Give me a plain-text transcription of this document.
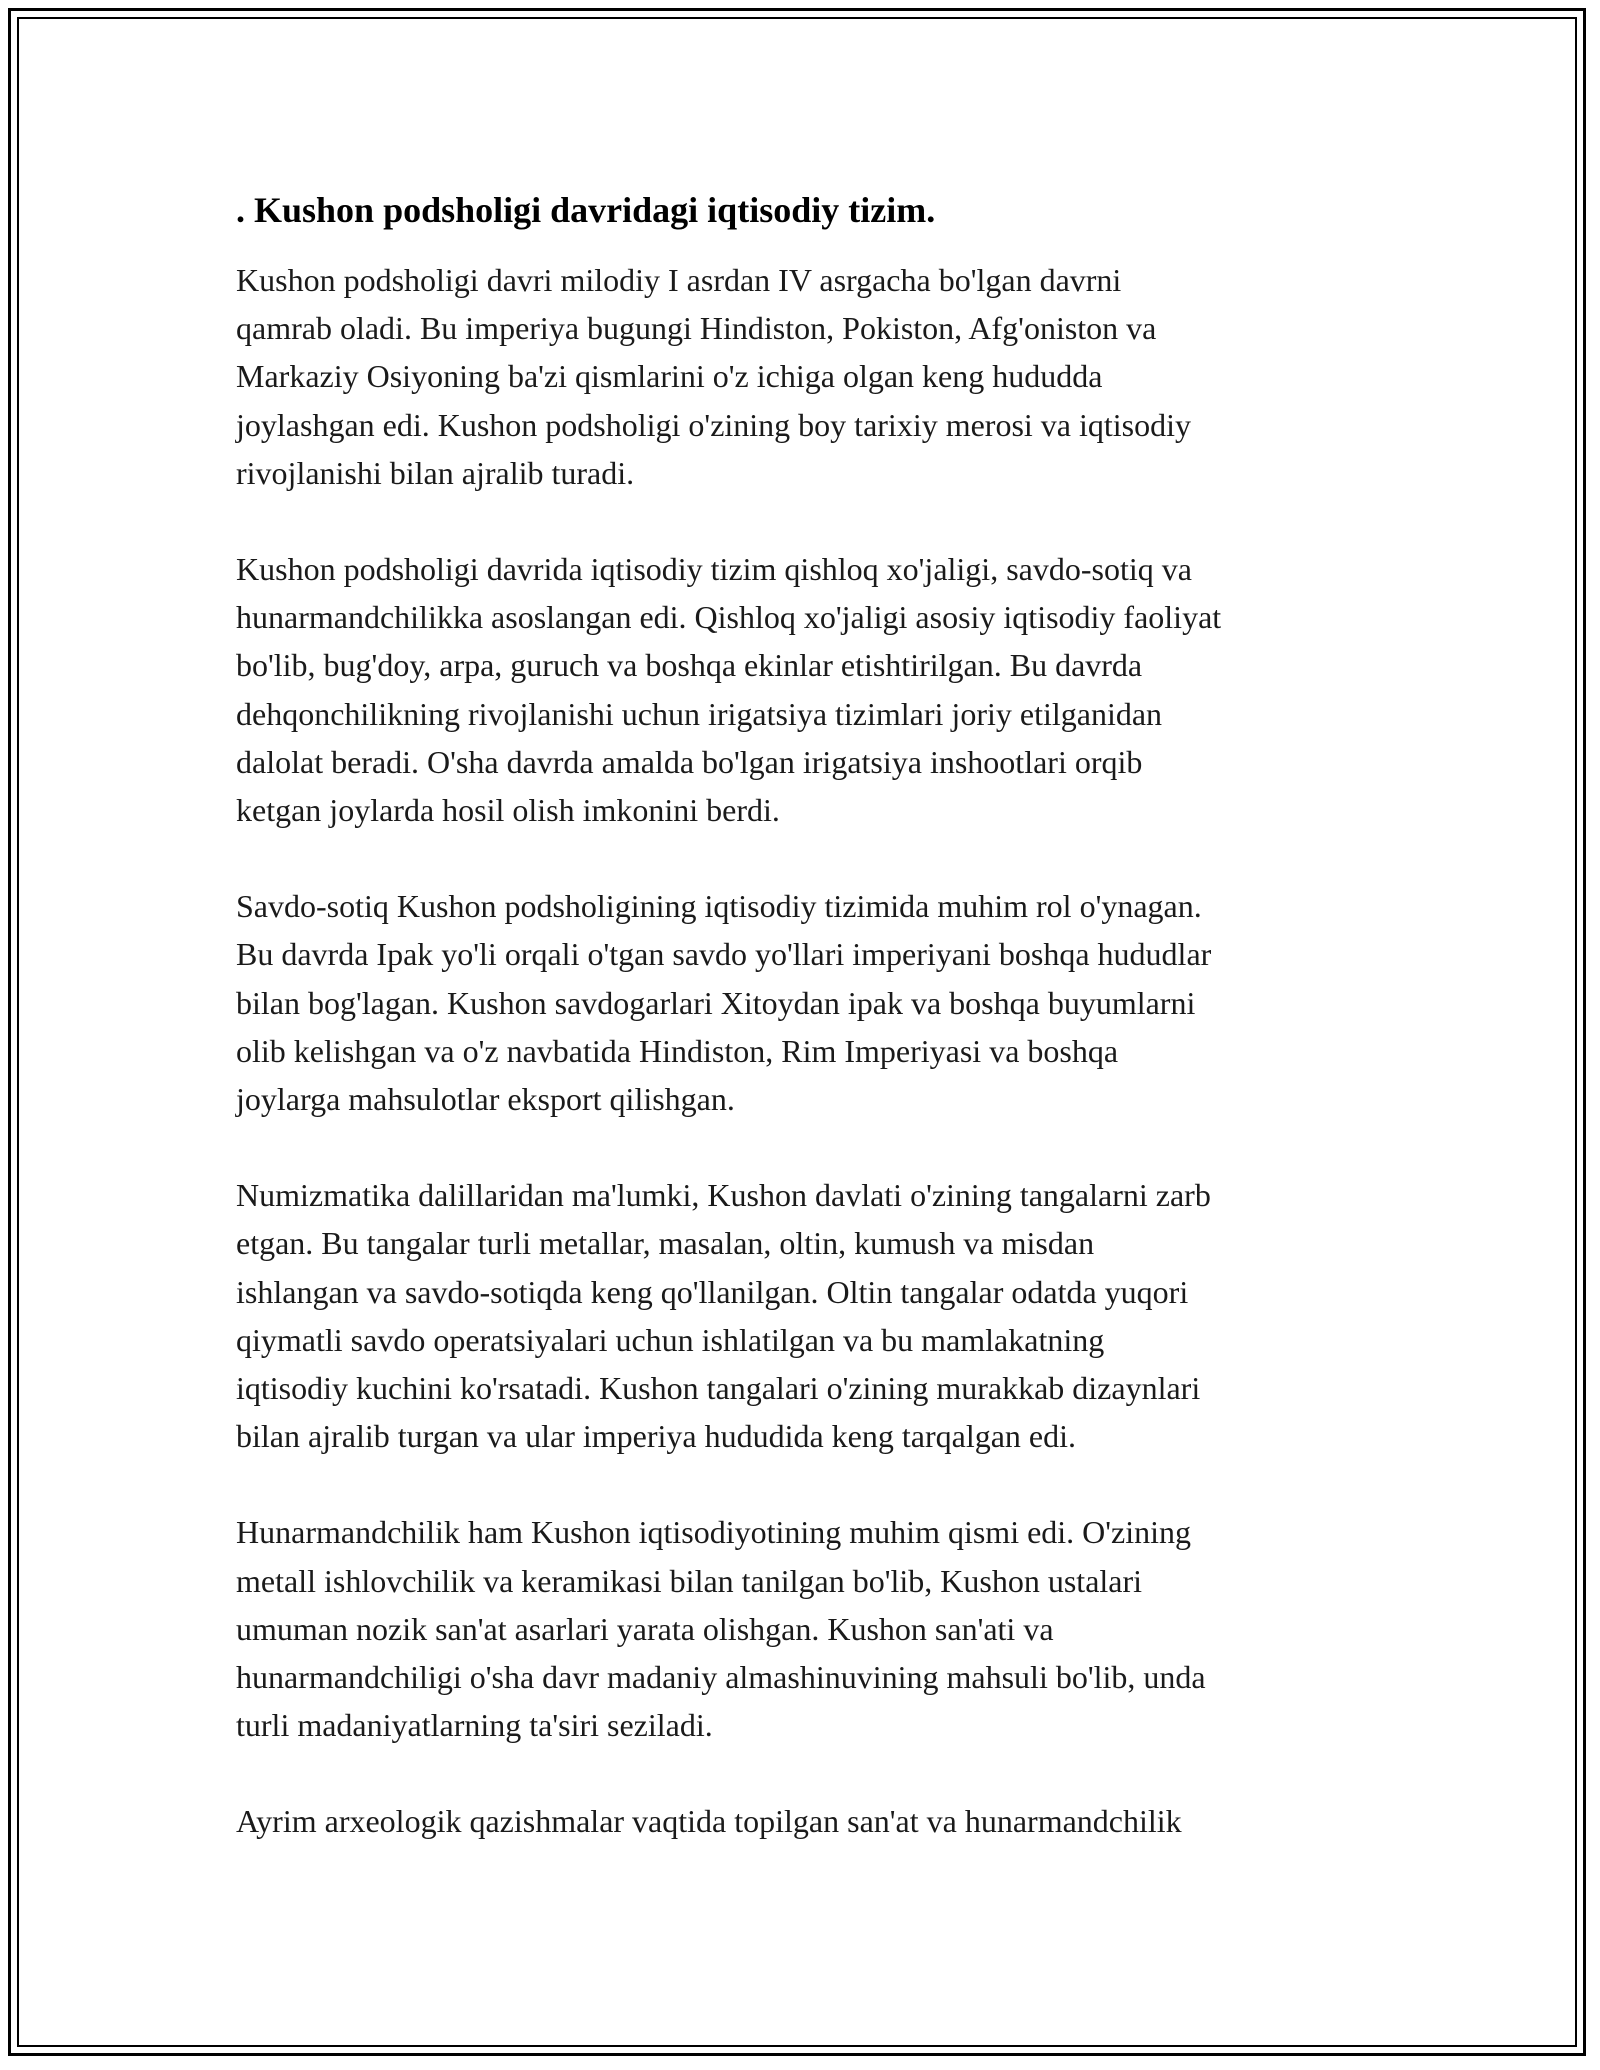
. Kushon podsholigi davridagi iqtisodiy tizim.
Kushon podsholigi davri milodiy I asrdan IV asrgacha bo'lgan davrni
qamrab oladi. Bu imperiya bugungi Hindiston, Pokiston, Afg'oniston va
Markaziy Osiyoning ba'zi qismlarini o'z ichiga olgan keng hududda
joylashgan edi. Kushon podsholigi o'zining boy tarixiy merosi va iqtisodiy
rivojlanishi bilan ajralib turadi.
Kushon podsholigi davrida iqtisodiy tizim qishloq xo'jaligi, savdo-sotiq va
hunarmandchilikka asoslangan edi. Qishloq xo'jaligi asosiy iqtisodiy faoliyat
bo'lib, bug'doy, arpa, guruch va boshqa ekinlar etishtirilgan. Bu davrda
dehqonchilikning rivojlanishi uchun irigatsiya tizimlari joriy etilganidan
dalolat beradi. O'sha davrda amalda bo'lgan irigatsiya inshootlari orqib
ketgan joylarda hosil olish imkonini berdi.
Savdo-sotiq Kushon podsholigining iqtisodiy tizimida muhim rol o'ynagan.
Bu davrda Ipak yo'li orqali o'tgan savdo yo'llari imperiyani boshqa hududlar
bilan bog'lagan. Kushon savdogarlari Xitoydan ipak va boshqa buyumlarni
olib kelishgan va o'z navbatida Hindiston, Rim Imperiyasi va boshqa
joylarga mahsulotlar eksport qilishgan.
Numizmatika dalillaridan ma'lumki, Kushon davlati o'zining tangalarni zarb
etgan. Bu tangalar turli metallar, masalan, oltin, kumush va misdan
ishlangan va savdo-sotiqda keng qo'llanilgan. Oltin tangalar odatda yuqori
qiymatli savdo operatsiyalari uchun ishlatilgan va bu mamlakatning
iqtisodiy kuchini ko'rsatadi. Kushon tangalari o'zining murakkab dizaynlari
bilan ajralib turgan va ular imperiya hududida keng tarqalgan edi.
Hunarmandchilik ham Kushon iqtisodiyotining muhim qismi edi. O'zining
metall ishlovchilik va keramikasi bilan tanilgan bo'lib, Kushon ustalari
umuman nozik san'at asarlari yarata olishgan. Kushon san'ati va
hunarmandchiligi o'sha davr madaniy almashinuvining mahsuli bo'lib, unda
turli madaniyatlarning ta'siri seziladi.
Ayrim arxeologik qazishmalar vaqtida topilgan san'at va hunarmandchilik
